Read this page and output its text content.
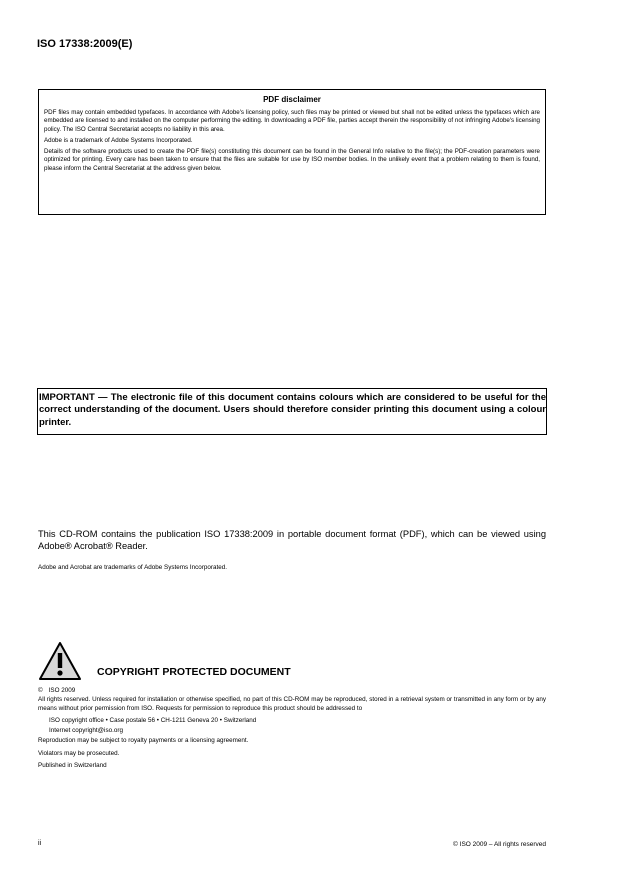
ISO 17338:2009(E)
PDF disclaimer

PDF files may contain embedded typefaces. In accordance with Adobe's licensing policy, such files may be printed or viewed but shall not be edited unless the typefaces which are embedded are licensed to and installed on the computer performing the editing. In downloading a PDF file, parties accept therein the responsibility of not infringing Adobe's licensing policy. The ISO Central Secretariat accepts no liability in this area.

Adobe is a trademark of Adobe Systems Incorporated.

Details of the software products used to create the PDF file(s) constituting this document can be found in the General Info relative to the file(s); the PDF-creation parameters were optimized for printing. Every care has been taken to ensure that the files are suitable for use by ISO member bodies. In the unlikely event that a problem relating to them is found, please inform the Central Secretariat at the address given below.

IMPORTANT — The electronic file of this document contains colours which are considered to be useful for the correct understanding of the document. Users should therefore consider printing this document using a colour printer.

This CD-ROM contains the publication ISO 17338:2009 in portable document format (PDF), which can be viewed using Adobe® Acrobat® Reader.

Adobe and Acrobat are trademarks of Adobe Systems Incorporated.

COPYRIGHT PROTECTED DOCUMENT

© ISO 2009

All rights reserved. Unless required for installation or otherwise specified, no part of this CD-ROM may be reproduced, stored in a retrieval system or transmitted in any form or by any means without prior permission from ISO. Requests for permission to reproduce this product should be addressed to

ISO copyright office • Case postale 56 • CH-1211 Geneva 20 • Switzerland

Internet copyright@iso.org

Reproduction may be subject to royalty payments or a licensing agreement.

Violators may be prosecuted.

Published in Switzerland

ii	© ISO 2009 – All rights reserved
